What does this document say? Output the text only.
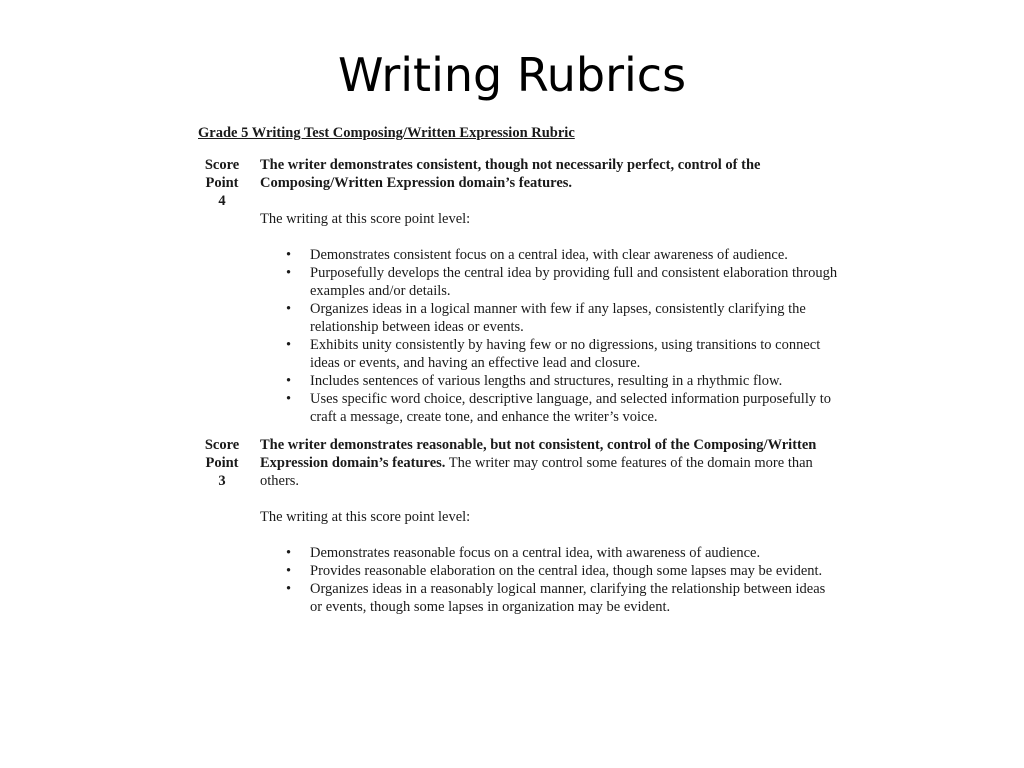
Writing Rubrics
Grade 5 Writing Test Composing/Written Expression Rubric
Score
Point
4

The writer demonstrates consistent, though not necessarily perfect, control of the Composing/Written Expression domain’s features.

The writing at this score point level:

• Demonstrates consistent focus on a central idea, with clear awareness of audience.
• Purposefully develops the central idea by providing full and consistent elaboration through examples and/or details.
• Organizes ideas in a logical manner with few if any lapses, consistently clarifying the relationship between ideas or events.
• Exhibits unity consistently by having few or no digressions, using transitions to connect ideas or events, and having an effective lead and closure.
• Includes sentences of various lengths and structures, resulting in a rhythmic flow.
• Uses specific word choice, descriptive language, and selected information purposefully to craft a message, create tone, and enhance the writer’s voice.
Score
Point
3

The writer demonstrates reasonable, but not consistent, control of the Composing/Written Expression domain’s features. The writer may control some features of the domain more than others.

The writing at this score point level:

• Demonstrates reasonable focus on a central idea, with awareness of audience.
• Provides reasonable elaboration on the central idea, though some lapses may be evident.
• Organizes ideas in a reasonably logical manner, clarifying the relationship between ideas or events, though some lapses in organization may be evident.
